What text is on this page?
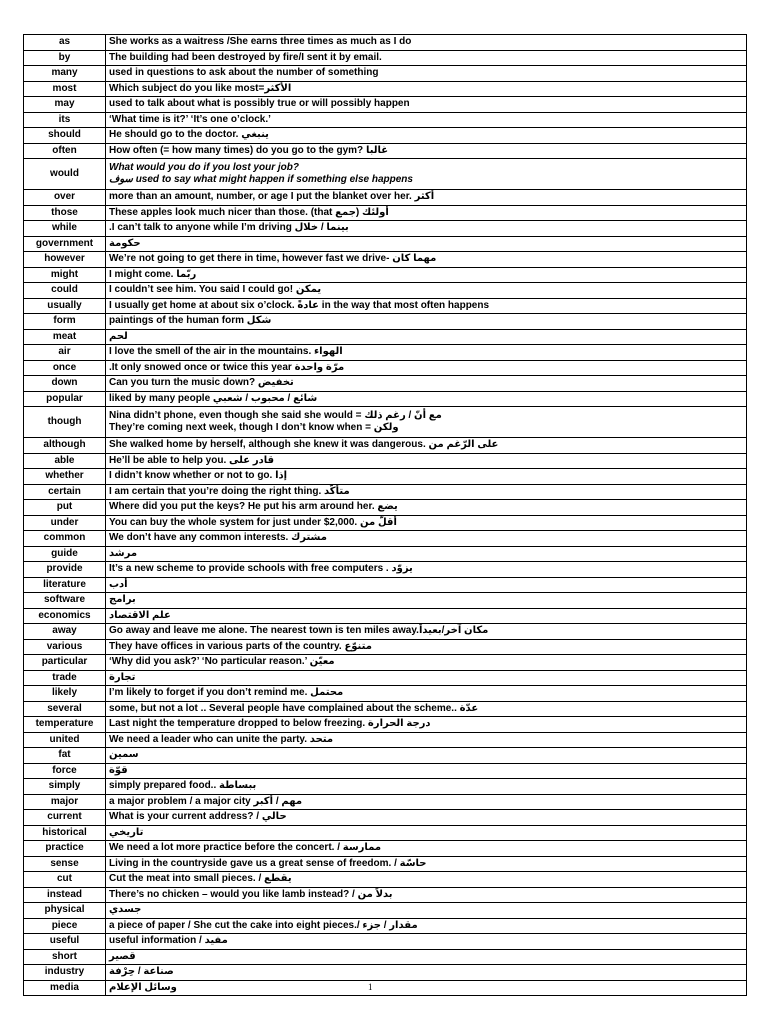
as	She works as a waitress /She earns three times as much as I do

by	The building had been destroyed by fire/I sent it by email.

many	used in questions to ask about the number of something

most	Which subject do you like most=الأكثر

may	used to talk about what is possibly true or will possibly happen

its	‘What time is it?’ ‘It’s one o’clock.’

should	He should go to the doctor. ينبغي

often	How often (= how many times) do you go to the gym? غالبا

would	What would you do if you lost your job?
سوف used to say what might happen if something else happens

over	more than an amount, number, or age I put the blanket over her. أكثر

those	These apples look much nicer than those. (that جمع) أولئك

while	.I can’t talk to anyone while I’m driving بينما / خلال

government	حكومة

however	We’re not going to get there in time, however fast we drive- مهما كان

might	I might come. ربّما

could	I couldn’t see him. You said I could go! يمكن

usually	I usually get home at about six o’clock. عادةً in the way that most often happens

form	paintings of the human form شكل

meat	لحم

air	I love the smell of the air in the mountains. الهواء

once	.It only snowed once or twice this year مرّة واحدة

down	Can you turn the music down? تخفيض

popular	liked by many people شائع / محبوب / شعبي

though	Nina didn’t phone, even though she said she would = مع أنّ / رغم ذلك
They’re coming next week, though I don’t know when = ولكن

although	She walked home by herself, although she knew it was dangerous. على الرّغم من

able	He’ll be able to help you. قادر على

whether	I didn’t know whether or not to go. إذا

certain	I am certain that you’re doing the right thing. متأكّد

put	Where did you put the keys? He put his arm around her. يضع

under	You can buy the whole system for just under $2,000. أقلّ من

common	We don’t have any common interests. مشترك

guide	مرشد

provide	It’s a new scheme to provide schools with free computers . يزوّد

literature	أدب

software	برامج

economics	علم الاقتصاد

away	Go away and leave me alone. The nearest town is ten miles away.مكان آخر/بعيداً

various	They have offices in various parts of the country. متنوّع

particular	‘Why did you ask?’ ‘No particular reason.’ معيّن

trade	تجارة

likely	I’m likely to forget if you don’t remind me. محتمل

several	some, but not a lot .. Several people have complained about the scheme.. عدّة

temperature	Last night the temperature dropped to below freezing. درجة الحرارة

united	We need a leader who can unite the party. متحد

fat	سمين

force	قوّة

simply	simply prepared food.. ببساطة

major	a major problem / a major city مهم / أكبر

current	What is your current address? / حالي

historical	تاريخي

practice	We need a lot more practice before the concert. / ممارسة

sense	Living in the countryside gave us a great sense of freedom. / حاسّة

cut	Cut the meat into small pieces. / يقطع

instead	There’s no chicken – would you like lamb instead? / بدلاً من

physical	جسدي

piece	a piece of paper / She cut the cake into eight pieces./ مقدار / جزء

useful	useful information / مفيد

short	قصير

industry	صناعة / حِرْفة

media	وسائل الإعلام	1
